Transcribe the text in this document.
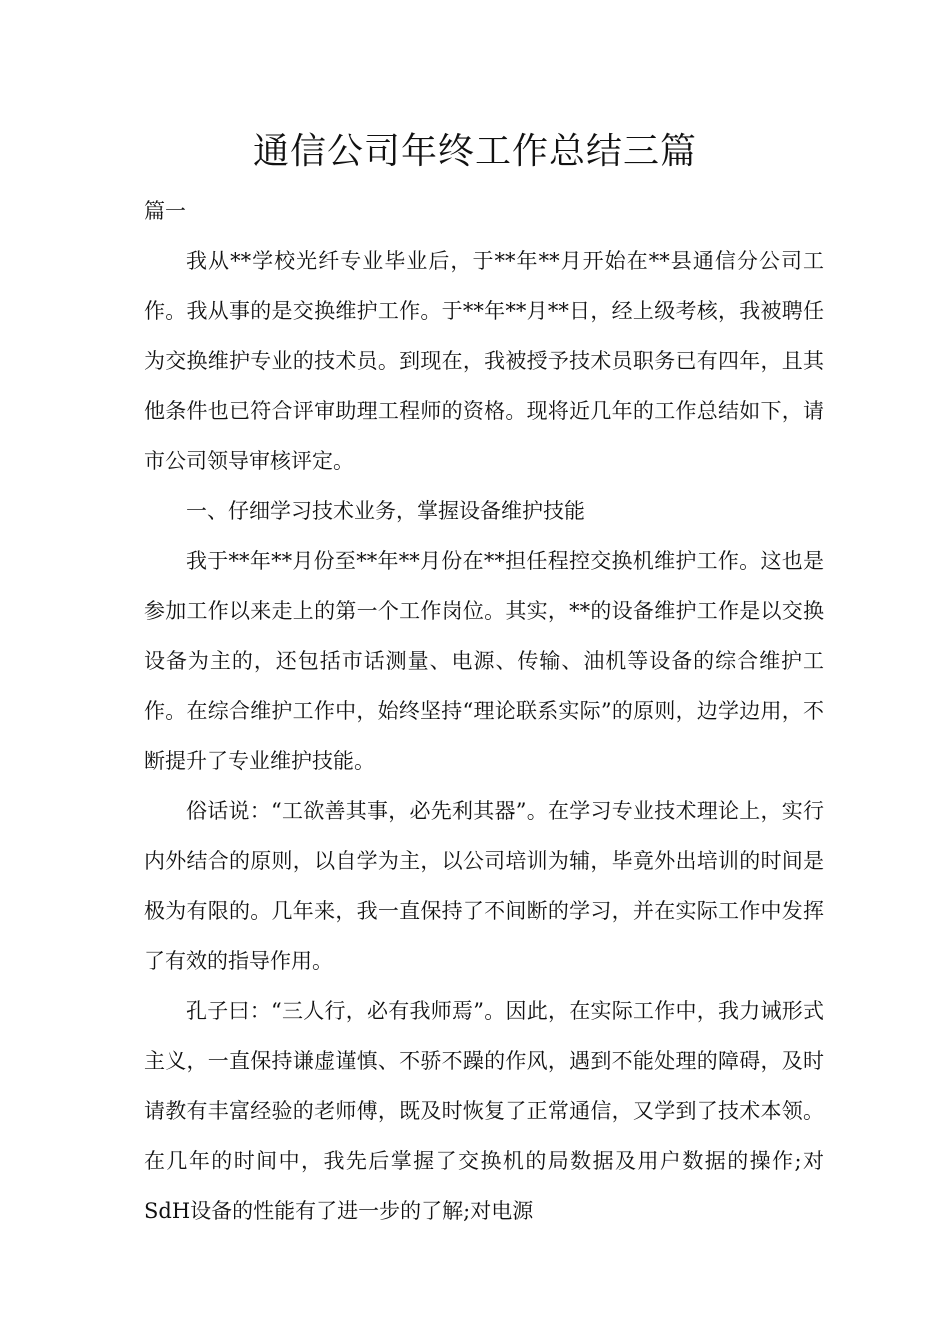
通信公司年终工作总结三篇

篇一

我从**学校光纤专业毕业后，于**年**月开始在**县通信分公司工作。我从事的是交换维护工作。于**年**月**日，经上级考核，我被聘任为交换维护专业的技术员。到现在，我被授予技术员职务已有四年，且其他条件也已符合评审助理工程师的资格。现将近几年的工作总结如下，请市公司领导审核评定。

一、仔细学习技术业务，掌握设备维护技能

我于**年**月份至**年**月份在**担任程控交换机维护工作。这也是参加工作以来走上的第一个工作岗位。其实，**的设备维护工作是以交换设备为主的，还包括市话测量、电源、传输、油机等设备的综合维护工作。在综合维护工作中，始终坚持“理论联系实际”的原则，边学边用，不断提升了专业维护技能。

俗话说：“工欲善其事，必先利其器”。在学习专业技术理论上，实行内外结合的原则，以自学为主，以公司培训为辅，毕竟外出培训的时间是极为有限的。几年来，我一直保持了不间断的学习，并在实际工作中发挥了有效的指导作用。

孔子曰：“三人行，必有我师焉”。因此，在实际工作中，我力诫形式主义，一直保持谦虚谨慎、不骄不躁的作风，遇到不能处理的障碍，及时请教有丰富经验的老师傅，既及时恢复了正常通信，又学到了技术本领。在几年的时间中，我先后掌握了交换机的局数据及用户数据的操作;对SdH设备的性能有了进一步的了解;对电源
